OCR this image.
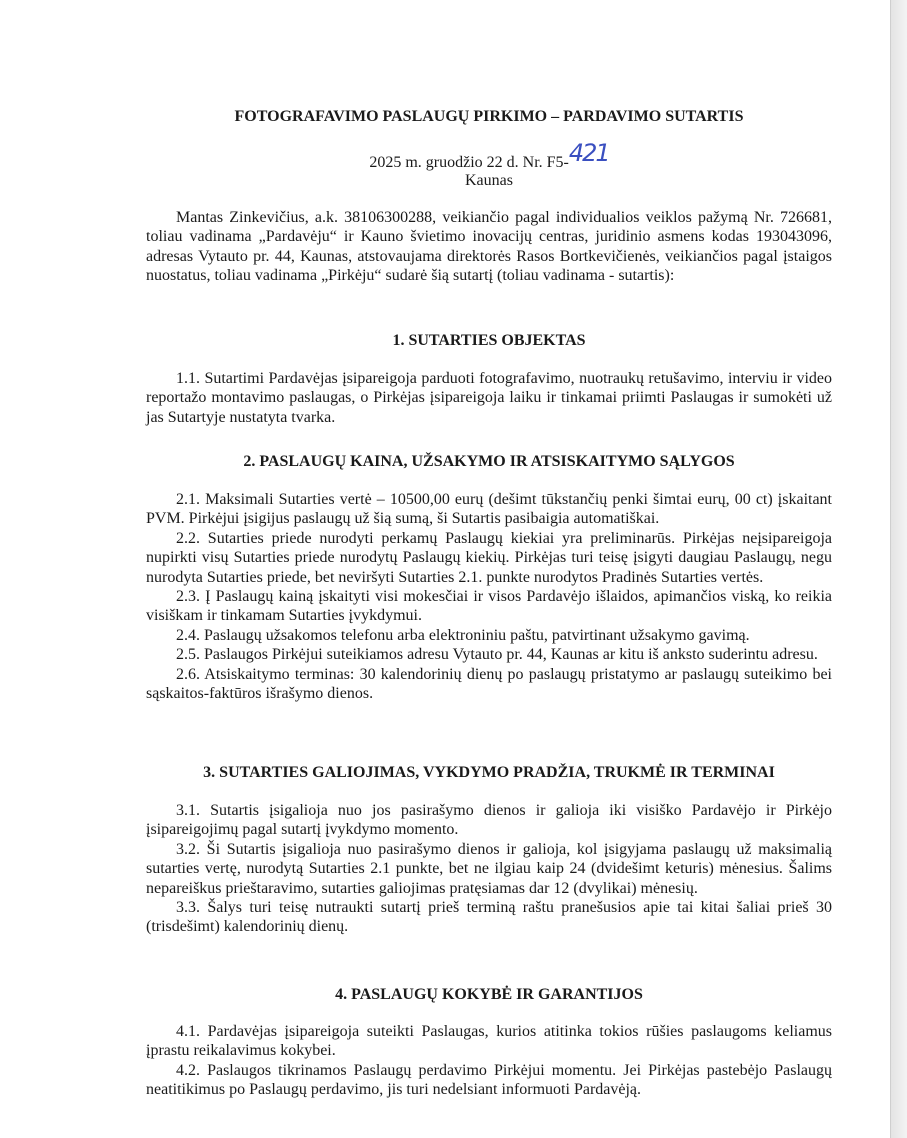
FOTOGRAFAVIMO PASLAUGŲ PIRKIMO – PARDAVIMO SUTARTIS
2025 m. gruodžio 22 d. Nr. F5-421
Kaunas

Mantas Zinkevičius, a.k. 38106300288, veikiančio pagal individualios veiklos pažymą Nr. 726681, toliau vadinama „Pardavėju“ ir Kauno švietimo inovacijų centras, juridinio asmens kodas 193043096, adresas Vytauto pr. 44, Kaunas, atstovaujama direktorės Rasos Bortkevičienės, veikiančios pagal įstaigos nuostatus, toliau vadinama „Pirkėju“ sudarė šią sutartį (toliau vadinama - sutartis):

1. SUTARTIES OBJEKTAS

1.1. Sutartimi Pardavėjas įsipareigoja parduoti fotografavimo, nuotraukų retušavimo, interviu ir video reportažo montavimo paslaugas, o Pirkėjas įsipareigoja laiku ir tinkamai priimti Paslaugas ir sumokėti už jas Sutartyje nustatyta tvarka.

2. PASLAUGŲ KAINA, UŽSAKYMO IR ATSISKAITYMO SĄLYGOS

2.1. Maksimali Sutarties vertė – 10500,00 eurų (dešimt tūkstančių penki šimtai eurų, 00 ct) įskaitant PVM. Pirkėjui įsigijus paslaugų už šią sumą, ši Sutartis pasibaigia automatiškai.

2.2. Sutarties priede nurodyti perkamų Paslaugų kiekiai yra preliminarūs. Pirkėjas neįsipareigoja nupirkti visų Sutarties priede nurodytų Paslaugų kiekių. Pirkėjas turi teisę įsigyti daugiau Paslaugų, negu nurodyta Sutarties priede, bet neviršyti Sutarties 2.1. punkte nurodytos Pradinės Sutarties vertės.

2.3. Į Paslaugų kainą įskaityti visi mokesčiai ir visos Pardavėjo išlaidos, apimančios viską, ko reikia visiškam ir tinkamam Sutarties įvykdymui.

2.4. Paslaugų užsakomos telefonu arba elektroniniu paštu, patvirtinant užsakymo gavimą.

2.5. Paslaugos Pirkėjui suteikiamos adresu Vytauto pr. 44, Kaunas ar kitu iš anksto suderintu adresu.

2.6. Atsiskaitymo terminas: 30 kalendorinių dienų po paslaugų pristatymo ar paslaugų suteikimo bei sąskaitos-faktūros išrašymo dienos.

3. SUTARTIES GALIOJIMAS, VYKDYMO PRADŽIA, TRUKMĖ IR TERMINAI

3.1. Sutartis įsigalioja nuo jos pasirašymo dienos ir galioja iki visiško Pardavėjo ir Pirkėjo įsipareigojimų pagal sutartį įvykdymo momento.

3.2. Ši Sutartis įsigalioja nuo pasirašymo dienos ir galioja, kol įsigyjama paslaugų už maksimalią sutarties vertę, nurodytą Sutarties 2.1 punkte, bet ne ilgiau kaip 24 (dvidešimt keturis) mėnesius. Šalims nepareiškus prieštaravimo, sutarties galiojimas pratęsiamas dar 12 (dvylikai) mėnesių.

3.3. Šalys turi teisę nutraukti sutartį prieš terminą raštu pranešusios apie tai kitai šaliai prieš 30 (trisdešimt) kalendorinių dienų.

4. PASLAUGŲ KOKYBĖ IR GARANTIJOS

4.1. Pardavėjas įsipareigoja suteikti Paslaugas, kurios atitinka tokios rūšies paslaugoms keliamus įprastu reikalavimus kokybei.

4.2. Paslaugos tikrinamos Paslaugų perdavimo Pirkėjui momentu. Jei Pirkėjas pastebėjo Paslaugų neatitikimus po Paslaugų perdavimo, jis turi nedelsiant informuoti Pardavėją.
